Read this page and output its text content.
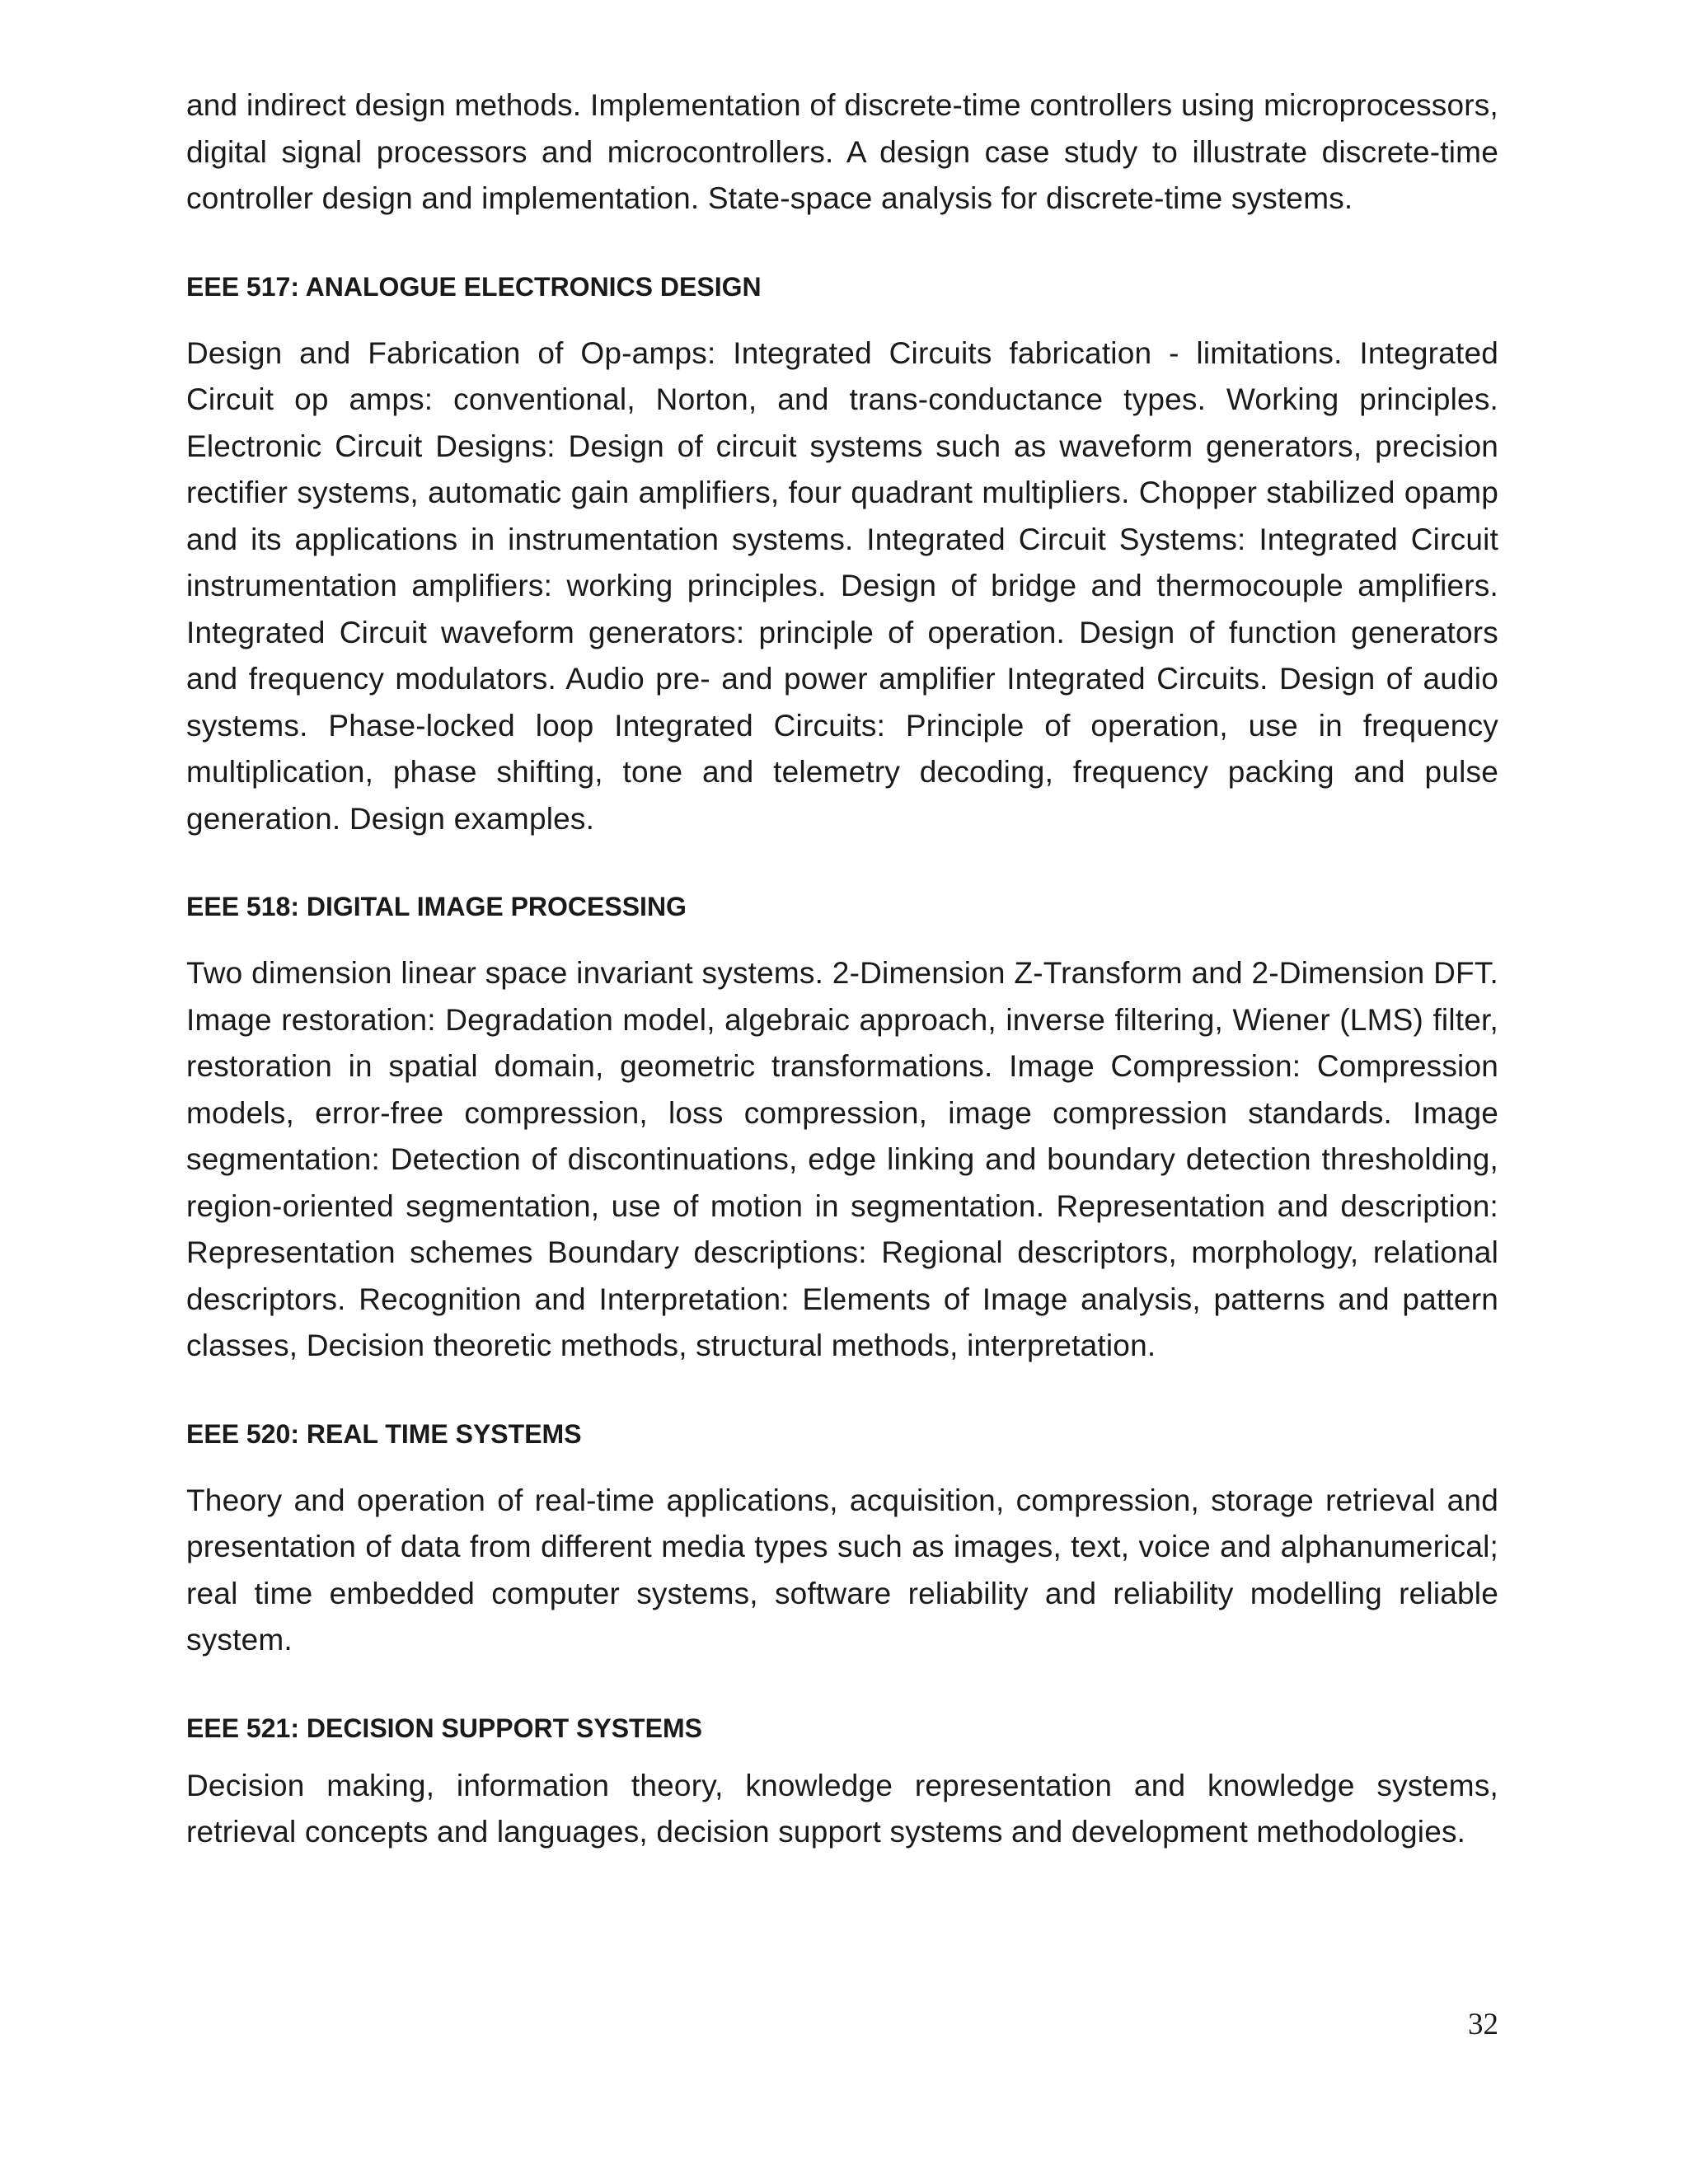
and indirect design methods. Implementation of discrete-time controllers using microprocessors, digital signal processors and microcontrollers. A design case study to illustrate discrete-time controller design and implementation. State-space analysis for discrete-time systems.

EEE 517: ANALOGUE ELECTRONICS DESIGN

Design and Fabrication of Op-amps: Integrated Circuits fabrication - limitations. Integrated Circuit op amps: conventional, Norton, and trans-conductance types. Working principles. Electronic Circuit Designs: Design of circuit systems such as waveform generators, precision rectifier systems, automatic gain amplifiers, four quadrant multipliers. Chopper stabilized opamp and its applications in instrumentation systems. Integrated Circuit Systems: Integrated Circuit instrumentation amplifiers: working principles. Design of bridge and thermocouple amplifiers. Integrated Circuit waveform generators: principle of operation. Design of function generators and frequency modulators. Audio pre- and power amplifier Integrated Circuits. Design of audio systems. Phase-locked loop Integrated Circuits: Principle of operation, use in frequency multiplication, phase shifting, tone and telemetry decoding, frequency packing and pulse generation. Design examples.

EEE 518: DIGITAL IMAGE PROCESSING

Two dimension linear space invariant systems. 2-Dimension Z-Transform and 2-Dimension DFT. Image restoration: Degradation model, algebraic approach, inverse filtering, Wiener (LMS) filter, restoration in spatial domain, geometric transformations. Image Compression: Compression models, error-free compression, loss compression, image compression standards. Image segmentation: Detection of discontinuations, edge linking and boundary detection thresholding, region-oriented segmentation, use of motion in segmentation. Representation and description: Representation schemes Boundary descriptions: Regional descriptors, morphology, relational descriptors. Recognition and Interpretation: Elements of Image analysis, patterns and pattern classes, Decision theoretic methods, structural methods, interpretation.

EEE 520: REAL TIME SYSTEMS

Theory and operation of real-time applications, acquisition, compression, storage retrieval and presentation of data from different media types such as images, text, voice and alphanumerical; real time embedded computer systems, software reliability and reliability modelling reliable system.

EEE 521: DECISION SUPPORT SYSTEMS

Decision making, information theory, knowledge representation and knowledge systems, retrieval concepts and languages, decision support systems and development methodologies.

32
